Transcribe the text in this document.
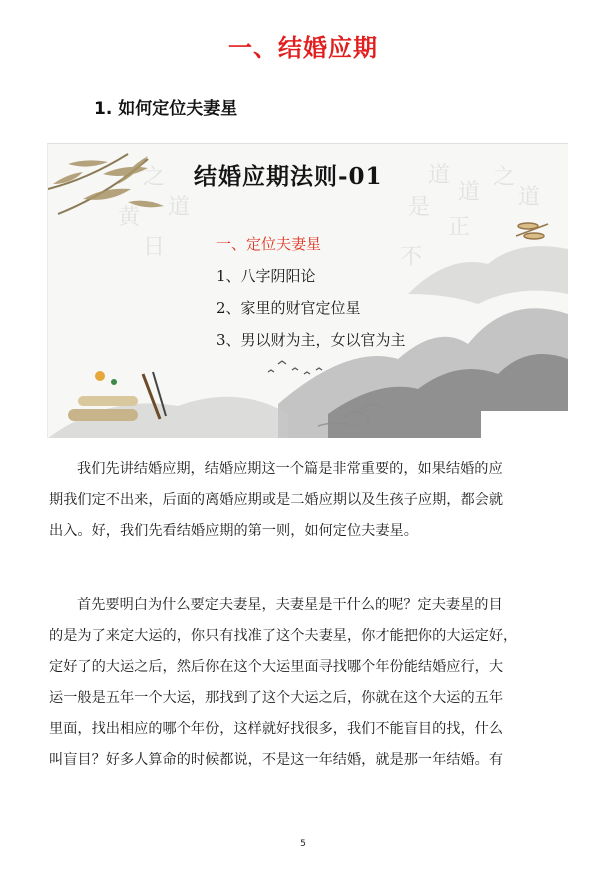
一、结婚应期
1. 如何定位夫妻星
之
道
黄
道
道
之
道
正
不
日
是
结婚应期法则-01
一、定位夫妻星
1、八字阴阳论
2、家里的财官定位星
3、男以财为主，女以官为主
我们先讲结婚应期，结婚应期这一个篇是非常重要的，如果结婚的应
期我们定不出来，后面的离婚应期或是二婚应期以及生孩子应期，都会就
出入。好，我们先看结婚应期的第一则，如何定位夫妻星。
首先要明白为什么要定夫妻星，夫妻星是干什么的呢？定夫妻星的目
的是为了来定大运的，你只有找准了这个夫妻星，你才能把你的大运定好，
定好了的大运之后，然后你在这个大运里面寻找哪个年份能结婚应行，大
运一般是五年一个大运，那找到了这个大运之后，你就在这个大运的五年
里面，找出相应的哪个年份，这样就好找很多，我们不能盲目的找，什么
叫盲目？好多人算命的时候都说，不是这一年结婚，就是那一年结婚。有
5
